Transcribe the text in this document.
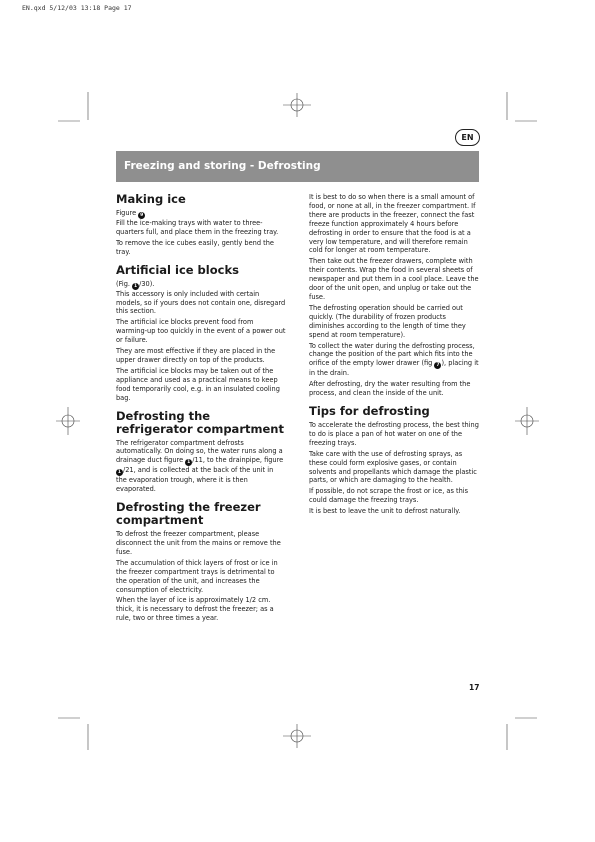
EN.qxd 5/12/03 13:18 Page 17
EN
Freezing and storing - Defrosting
Making ice
Figure 9

Fill the ice-making trays with water to three-quarters full, and place them in the freezing tray.

To remove the ice cubes easily, gently bend the tray.

Artificial ice blocks
(Fig. 1 /30).

This accessory is only included with certain models, so if yours does not contain one, disregard this section.

The artificial ice blocks prevent food from warming-up too quickly in the event of a power out or failure.

They are most effective if they are placed in the upper drawer directly on top of the products.

The artificial ice blocks may be taken out of the appliance and used as a practical means to keep food temporarily cool, e.g. in an insulated cooling bag.

Defrosting the refrigerator compartment

The refrigerator compartment defrosts automatically. On doing so, the water runs along a drainage duct figure 1 /11, to the drainpipe, figure 1 /21, and is collected at the back of the unit in the evaporation trough, where it is then evaporated.

Defrosting the freezer compartment

To defrost the freezer compartment, please disconnect the unit from the mains or remove the fuse.

The accumulation of thick layers of frost or ice in the freezer compartment trays is detrimental to the operation of the unit, and increases the consumption of electricity.

When the layer of ice is approximately 1/2 cm. thick, it is necessary to defrost the freezer; as a rule, two or three times a year.

It is best to do so when there is a small amount of food, or none at all, in the freezer compartment. If there are products in the freezer, connect the fast freeze function approximately 4 hours before defrosting in order to ensure that the food is at a very low temperature, and will therefore remain cold for longer at room temperature.

Then take out the freezer drawers, complete with their contents. Wrap the food in several sheets of newspaper and put them in a cool place. Leave the door of the unit open, and unplug or take out the fuse.

The defrosting operation should be carried out quickly. (The durability of frozen products diminishes according to the length of time they spend at room temperature).

To collect the water during the defrosting process, change the position of the part which fits into the orifice of the empty lower drawer (fig 7 ), placing it in the drain.

After defrosting, dry the water resulting from the process, and clean the inside of the unit.

Tips for defrosting

To accelerate the defrosting process, the best thing to do is place a pan of hot water on one of the freezing trays.

Take care with the use of defrosting sprays, as these could form explosive gases, or contain solvents and propellants which damage the plastic parts, or which are damaging to the health.

If possible, do not scrape the frost or ice, as this could damage the freezing trays.

It is best to leave the unit to defrost naturally.

17
